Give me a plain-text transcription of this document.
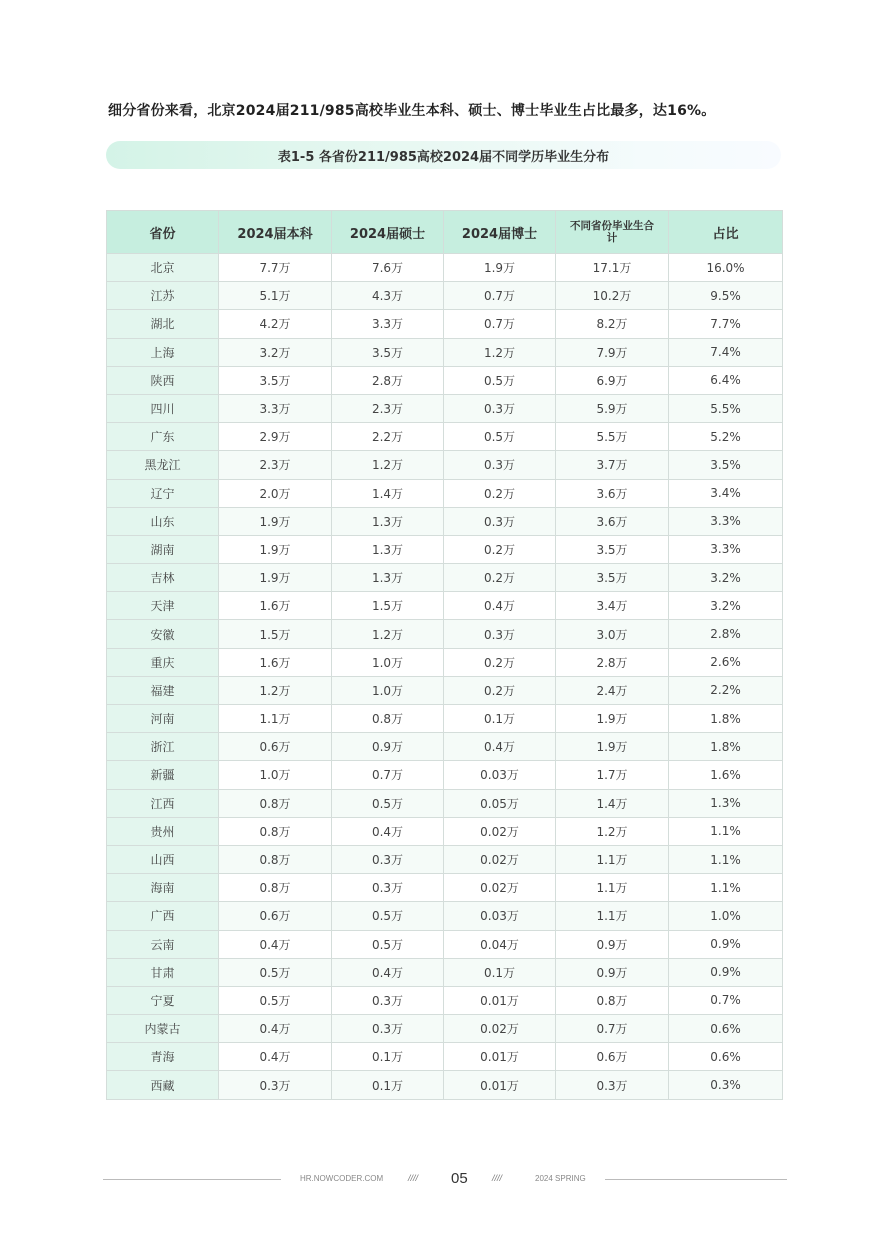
细分省份来看，北京2024届211/985高校毕业生本科、硕士、博士毕业生占比最多，达16%。
表1-5 各省份211/985高校2024届不同学历毕业生分布
省份	2024届本科	2024届硕士	2024届博士	不同省份毕业生合计	占比
北京	7.7万	7.6万	1.9万	17.1万	16.0%
江苏	5.1万	4.3万	0.7万	10.2万	9.5%
湖北	4.2万	3.3万	0.7万	8.2万	7.7%
上海	3.2万	3.5万	1.2万	7.9万	7.4%
陕西	3.5万	2.8万	0.5万	6.9万	6.4%
四川	3.3万	2.3万	0.3万	5.9万	5.5%
广东	2.9万	2.2万	0.5万	5.5万	5.2%
黑龙江	2.3万	1.2万	0.3万	3.7万	3.5%
辽宁	2.0万	1.4万	0.2万	3.6万	3.4%
山东	1.9万	1.3万	0.3万	3.6万	3.3%
湖南	1.9万	1.3万	0.2万	3.5万	3.3%
吉林	1.9万	1.3万	0.2万	3.5万	3.2%
天津	1.6万	1.5万	0.4万	3.4万	3.2%
安徽	1.5万	1.2万	0.3万	3.0万	2.8%
重庆	1.6万	1.0万	0.2万	2.8万	2.6%
福建	1.2万	1.0万	0.2万	2.4万	2.2%
河南	1.1万	0.8万	0.1万	1.9万	1.8%
浙江	0.6万	0.9万	0.4万	1.9万	1.8%
新疆	1.0万	0.7万	0.03万	1.7万	1.6%
江西	0.8万	0.5万	0.05万	1.4万	1.3%
贵州	0.8万	0.4万	0.02万	1.2万	1.1%
山西	0.8万	0.3万	0.02万	1.1万	1.1%
海南	0.8万	0.3万	0.02万	1.1万	1.1%
广西	0.6万	0.5万	0.03万	1.1万	1.0%
云南	0.4万	0.5万	0.04万	0.9万	0.9%
甘肃	0.5万	0.4万	0.1万	0.9万	0.9%
宁夏	0.5万	0.3万	0.01万	0.8万	0.7%
内蒙古	0.4万	0.3万	0.02万	0.7万	0.6%
青海	0.4万	0.1万	0.01万	0.6万	0.6%
西藏	0.3万	0.1万	0.01万	0.3万	0.3%
HR.NOWCODER.COM	//// 05	////	2024 SPRING
